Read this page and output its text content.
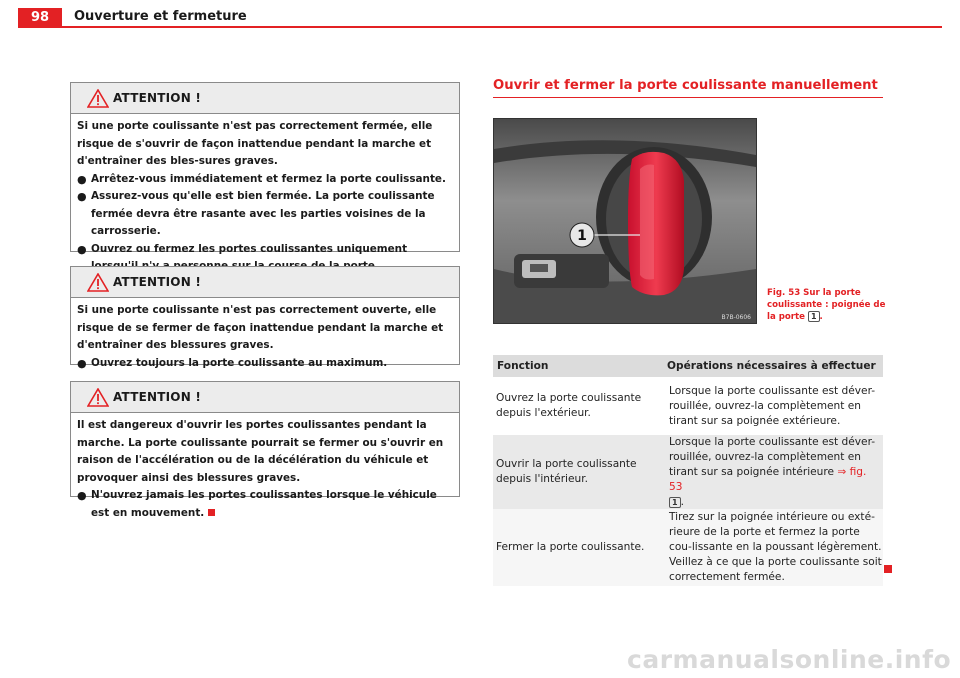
98	Ouverture et fermeture
ATTENTION !

Si une porte coulissante n'est pas correctement fermée, elle risque de s'ouvrir de façon inattendue pendant la marche et d'entraîner des bles-sures graves.

● Arrêtez-vous immédiatement et fermez la porte coulissante.
● Assurez-vous qu'elle est bien fermée. La porte coulissante fermée devra être rasante avec les parties voisines de la carrosserie.
● Ouvrez ou fermez les portes coulissantes uniquement
ATTENTION !

Si une porte coulissante n'est pas correctement ouverte, elle risque de se fermer de façon inattendue pendant la marche et d'entraîner des blessures graves.

● Ouvrez toujours la porte coulissante au maximum.
ATTENTION !

Il est dangereux d'ouvrir les portes coulissantes pendant la marche. La porte coulissante pourrait se fermer ou s'ouvrir en raison de l'accélération ou de la décélération du véhicule et provoquer ainsi des blessures graves.

● N'ouvrez jamais les portes coulissantes lorsque le véhicule est en mouvement.
Ouvrir et fermer la porte coulissante manuellement
1
B7B-0606
Fig. 53 Sur la porte coulissante : poignée de la porte 1 .
Fonction	Opérations nécessaires à effectuer
Ouvrez la porte coulissante depuis l'extérieur.
Lorsque la porte coulissante est déver-rouillée, ouvrez-la complètement en tirant sur sa poignée extérieure.
Ouvrir la porte coulissante depuis l'intérieur.
Lorsque la porte coulissante est déver-rouillée, ouvrez-la complètement en tirant sur sa poignée intérieure ⇒ fig. 53
1 .
Fermer la porte coulissante.
Tirez sur la poignée intérieure ou exté-rieure de la porte et fermez la porte cou-lissante en la poussant légèrement. Veillez à ce que la porte coulissante soit correctement fermée.
carmanualsonline.info
